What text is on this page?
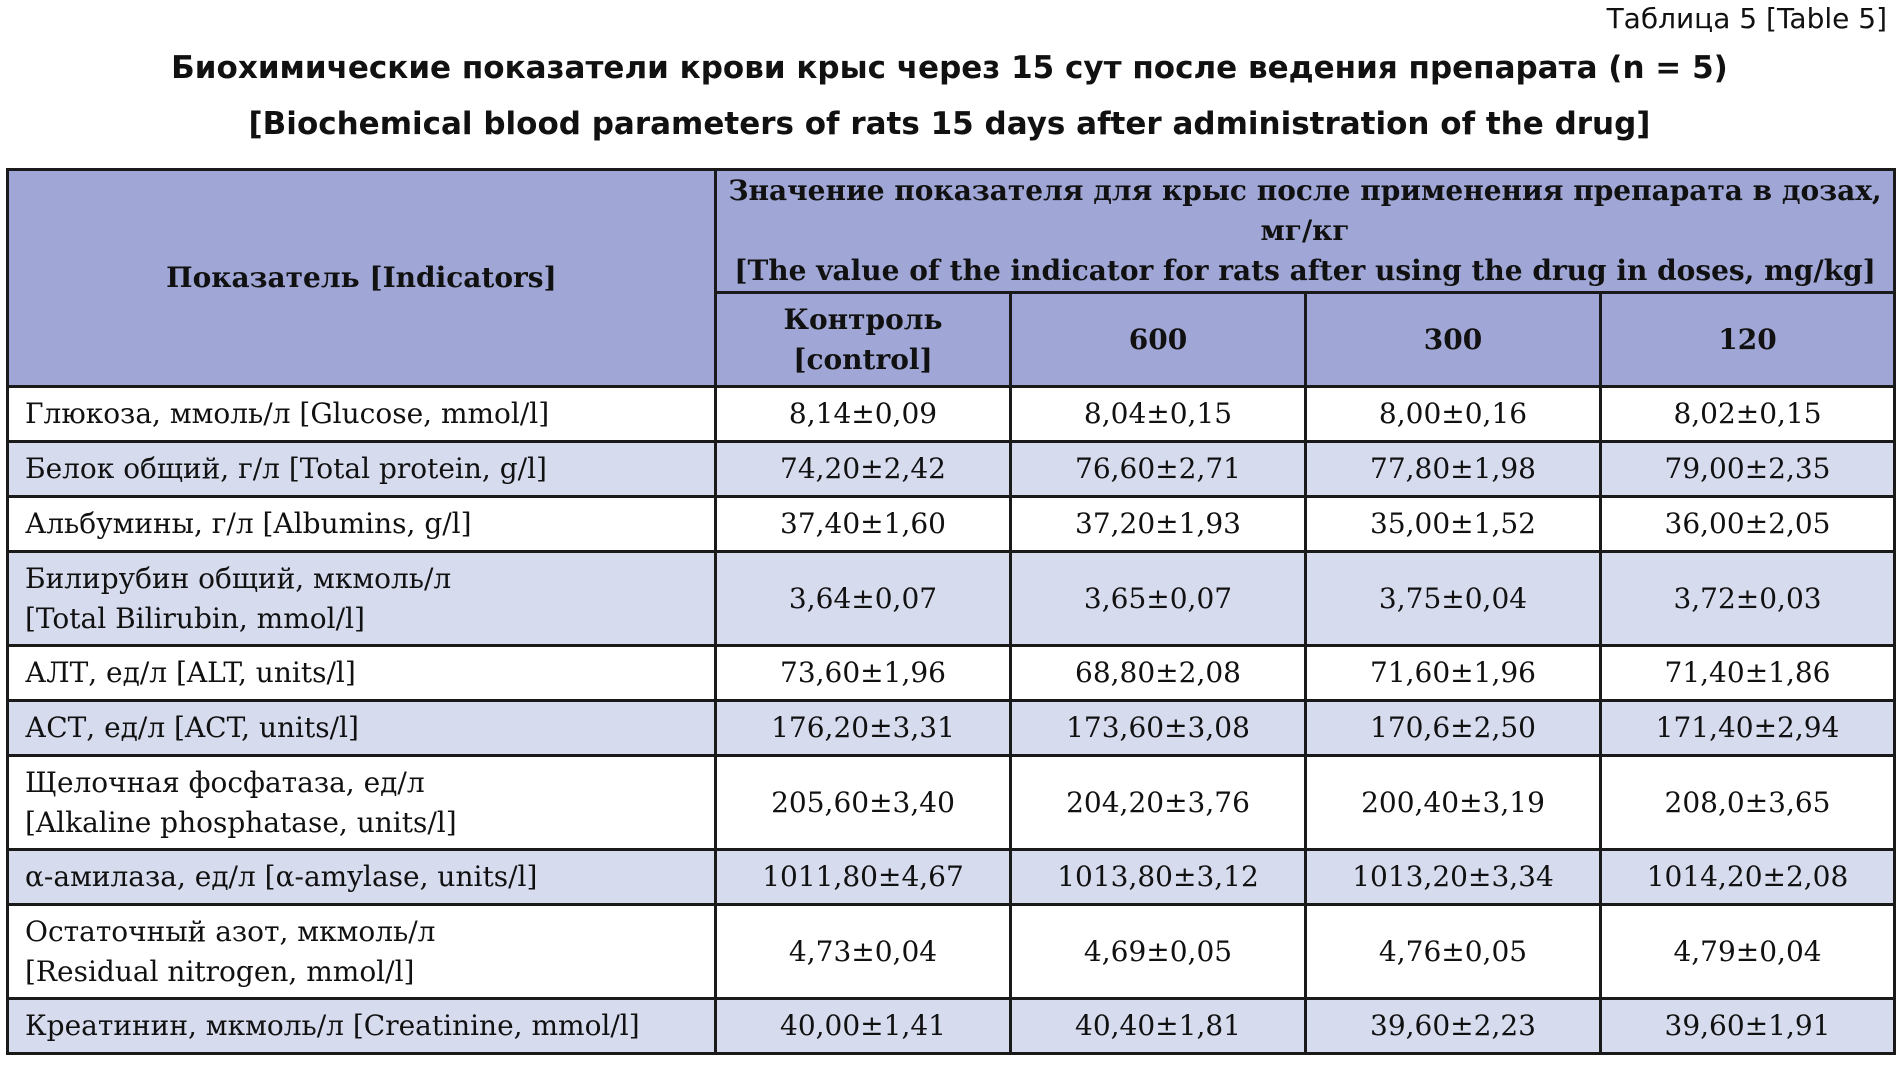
Таблица 5 [Table 5]
Биохимические показатели крови крыс через 15 сут после ведения препарата (n = 5)
[Biochemical blood parameters of rats 15 days after administration of the drug]
Показатель [Indicators]	Значение показателя для крыс после применения препарата в дозах, мг/кг
[The value of the indicator for rats after using the drug in doses, mg/kg]			

	Контроль
[control]	600	300	120

Глюкоза, ммоль/л [Glucose, mmol/l]	8,14±0,09	8,04±0,15	8,00±0,16	8,02±0,15

Белок общий, г/л [Total protein, g/l]	74,20±2,42	76,60±2,71	77,80±1,98	79,00±2,35

Альбумины, г/л [Albumins, g/l]	37,40±1,60	37,20±1,93	35,00±1,52	36,00±2,05

Билирубин общий, мкмоль/л
[Total Bilirubin, mmol/l]	3,64±0,07	3,65±0,07	3,75±0,04	3,72±0,03

АЛТ, ед/л [ALT, units/l]	73,60±1,96	68,80±2,08	71,60±1,96	71,40±1,86

АСТ, ед/л [ACT, units/l]	176,20±3,31	173,60±3,08	170,6±2,50	171,40±2,94

Щелочная фосфатаза, ед/л
[Alkaline phosphatase, units/l]	205,60±3,40	204,20±3,76	200,40±3,19	208,0±3,65

α-амилаза, ед/л [α-amylase, units/l]	1011,80±4,67	1013,80±3,12	1013,20±3,34	1014,20±2,08

Остаточный азот, мкмоль/л
[Residual nitrogen, mmol/l]	4,73±0,04	4,69±0,05	4,76±0,05	4,79±0,04

Креатинин, мкмоль/л [Creatinine, mmol/l]	40,00±1,41	40,40±1,81	39,60±2,23	39,60±1,91
